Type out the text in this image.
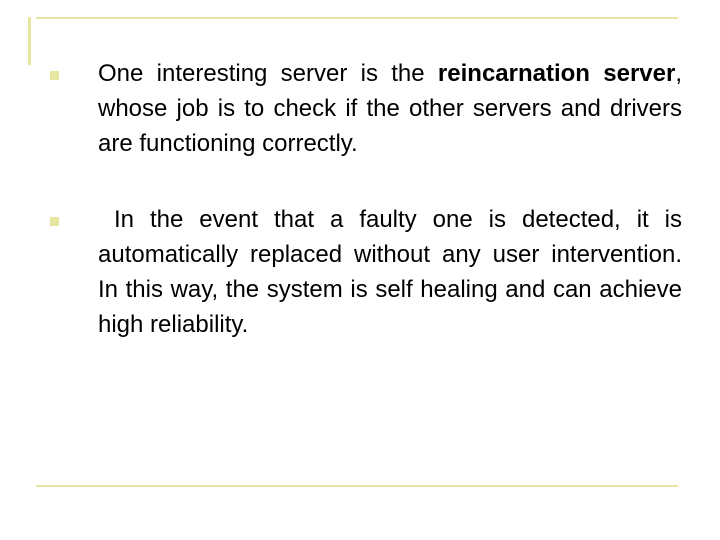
One interesting server is the reincarnation server, whose job is to check if the other servers and drivers are functioning correctly.

In the event that a faulty one is detected, it is automatically replaced without any user intervention. In this way, the system is self healing and can achieve high reliability.
